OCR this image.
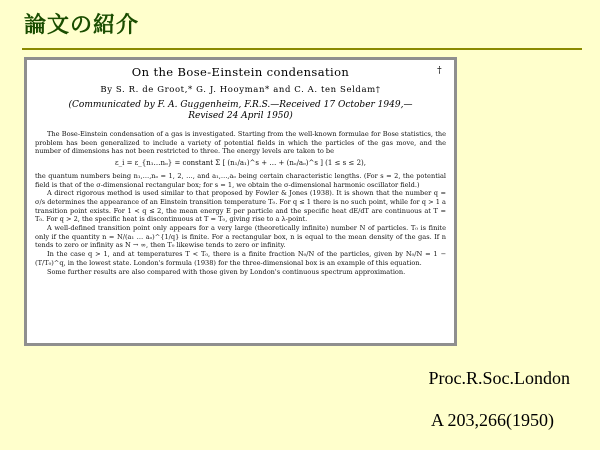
論文の紹介
On the Bose-Einstein condensation	†
By S. R. de Groot,* G. J. Hooyman* and C. A. ten Seldam†
(Communicated by F. A. Guggenheim, F.R.S.—Received 17 October 1949,—
Revised 24 April 1950)

The Bose-Einstein condensation of a gas is investigated. Starting from the well-known formulae for Bose statistics, the problem has been generalized to include a variety of potential fields in which the particles of the gas move, and the number of dimensions has not been restricted to three. The energy levels are taken to be

ε_i = ε_{n₁…nₒ} = constant Σ [ (n₁/a₁)^s + … + (nₒ/aₒ)^s ] (1 ≤ s ≤ 2),

the quantum numbers being n₁,…,nₒ = 1, 2, …, and a₁,…,aₒ being certain characteristic lengths. (For s = 2, the potential field is that of the σ-dimensional rectangular box; for s = 1, we obtain the σ-dimensional harmonic oscillator field.)

A direct rigorous method is used similar to that proposed by Fowler & Jones (1938). It is shown that the number q = σ/s determines the appearance of an Einstein transition temperature T₀. For q ≤ 1 there is no such point, while for q > 1 a transition point exists. For 1 < q ≤ 2, the mean energy E per particle and the specific heat dE/dT are continuous at T = T₀. For q > 2, the specific heat is discontinuous at T = T₀, giving rise to a λ-point.

A well-defined transition point only appears for a very large (theoretically infinite) number N of particles. T₀ is finite only if the quantity n = N/(a₁ … aₒ)^{1/q} is finite. For a rectangular box, n is equal to the mean density of the gas. If n tends to zero or infinity as N → ∞, then T₀ likewise tends to zero or infinity.

In the case q > 1, and at temperatures T < T₀, there is a finite fraction N₀/N of the particles, given by N₀/N = 1 − (T/T₀)^q, in the lowest state. London's formula (1938) for the three-dimensional box is an example of this equation.

Some further results are also compared with those given by London's continuous spectrum approximation.

Proc.R.Soc.London
A 203,266(1950)
